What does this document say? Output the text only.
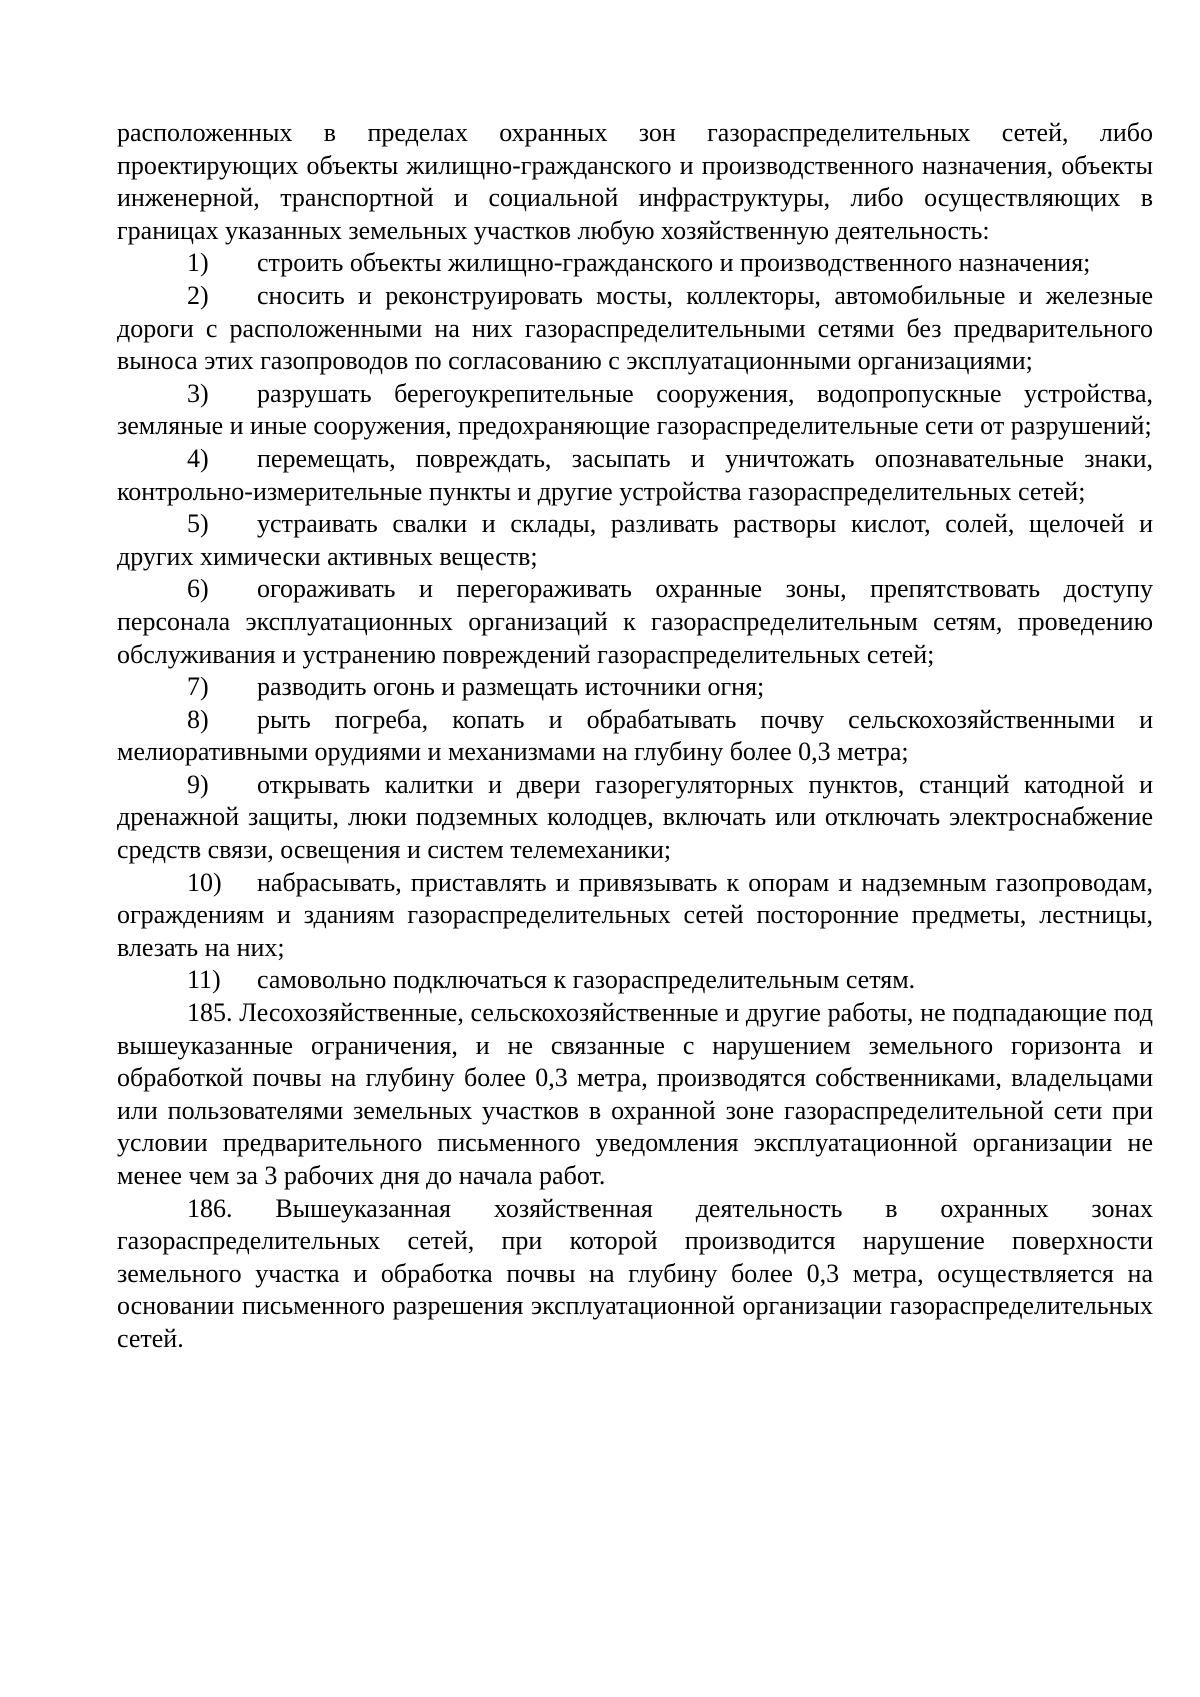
расположенных в пределах охранных зон газораспределительных сетей, либо проектирующих объекты жилищно-гражданского и производственного назначения, объекты инженерной, транспортной и социальной инфраструктуры, либо осуществляющих в границах указанных земельных участков любую хозяйственную деятельность:

1) строить объекты жилищно-гражданского и производственного назначения;

2) сносить и реконструировать мосты, коллекторы, автомобильные и железные дороги с расположенными на них газораспределительными сетями без предварительного выноса этих газопроводов по согласованию с эксплуатационными организациями;

3) разрушать берегоукрепительные сооружения, водопропускные устройства, земляные и иные сооружения, предохраняющие газораспределительные сети от разрушений;

4) перемещать, повреждать, засыпать и уничтожать опознавательные знаки, контрольно-измерительные пункты и другие устройства газораспределительных сетей;

5) устраивать свалки и склады, разливать растворы кислот, солей, щелочей и других химически активных веществ;

6) огораживать и перегораживать охранные зоны, препятствовать доступу персонала эксплуатационных организаций к газораспределительным сетям, проведению обслуживания и устранению повреждений газораспределительных сетей;

7) разводить огонь и размещать источники огня;

8) рыть погреба, копать и обрабатывать почву сельскохозяйственными и мелиоративными орудиями и механизмами на глубину более 0,3 метра;

9) открывать калитки и двери газорегуляторных пунктов, станций катодной и дренажной защиты, люки подземных колодцев, включать или отключать электроснабжение средств связи, освещения и систем телемеханики;

10) набрасывать, приставлять и привязывать к опорам и надземным газопроводам, ограждениям и зданиям газораспределительных сетей посторонние предметы, лестницы, влезать на них;

11) самовольно подключаться к газораспределительным сетям.

185. Лесохозяйственные, сельскохозяйственные и другие работы, не подпадающие под вышеуказанные ограничения, и не связанные с нарушением земельного горизонта и обработкой почвы на глубину более 0,3 метра, производятся собственниками, владельцами или пользователями земельных участков в охранной зоне газораспределительной сети при условии предварительного письменного уведомления эксплуатационной организации не менее чем за 3 рабочих дня до начала работ.

186. Вышеуказанная хозяйственная деятельность в охранных зонах газораспределительных сетей, при которой производится нарушение поверхности земельного участка и обработка почвы на глубину более 0,3 метра, осуществляется на основании письменного разрешения эксплуатационной организации газораспределительных сетей.
